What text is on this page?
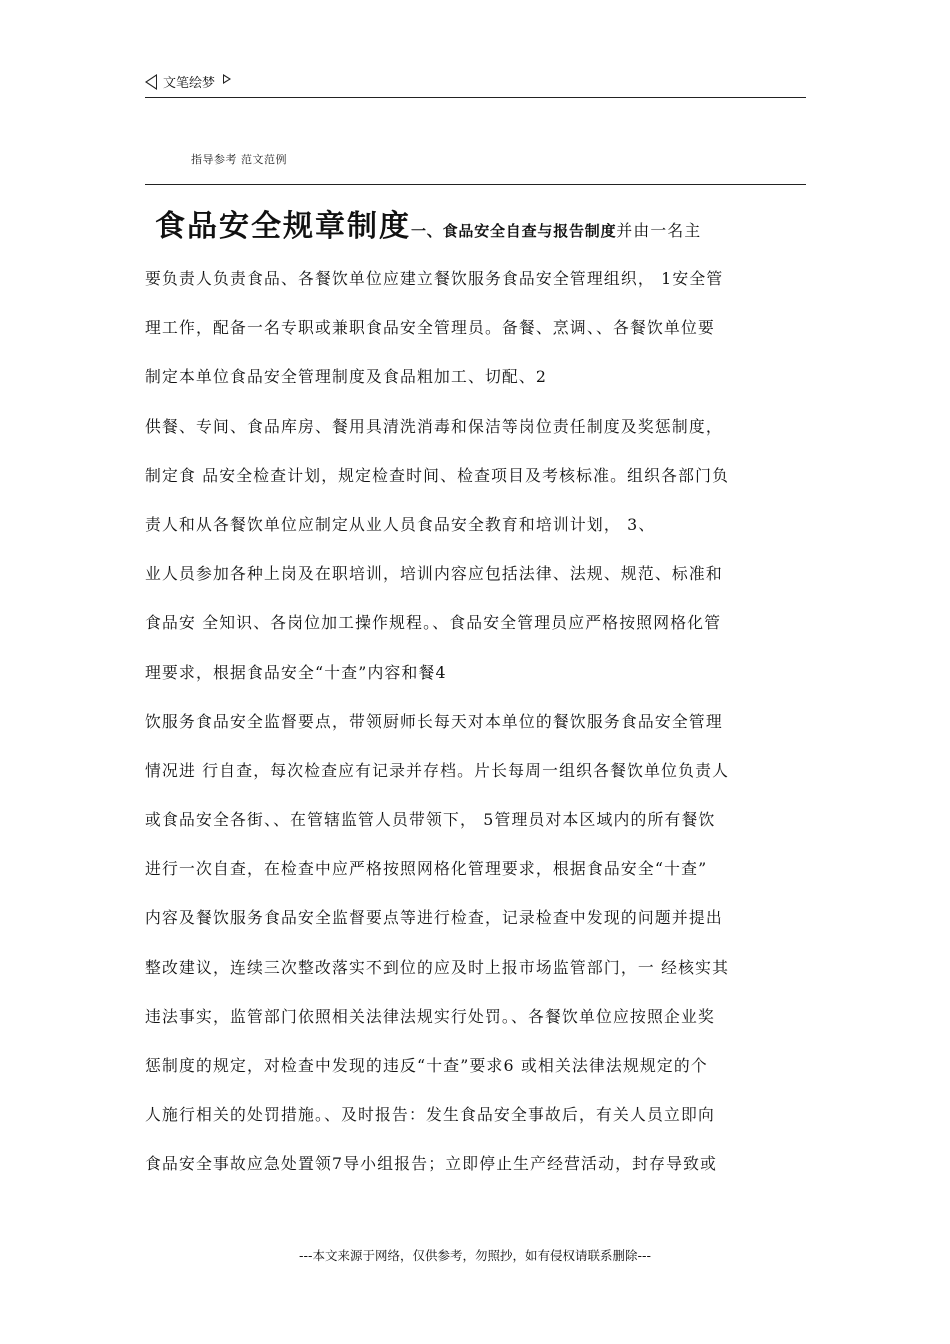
文笔绘梦
指导参考 范文范例
食品安全规章制度一、食品安全自查与报告制度并由一名主
要负责人负责食品、各餐饮单位应建立餐饮服务食品安全管理组织， 1安全管
理工作，配备一名专职或兼职食品安全管理员。备餐、烹调、、各餐饮单位要
制定本单位食品安全管理制度及食品粗加工、切配、2
供餐、专间、食品库房、餐用具清洗消毒和保洁等岗位责任制度及奖惩制度，
制定食 品安全检查计划，规定检查时间、检查项目及考核标准。组织各部门负
责人和从各餐饮单位应制定从业人员食品安全教育和培训计划， 3、
业人员参加各种上岗及在职培训，培训内容应包括法律、法规、规范、标准和
食品安 全知识、各岗位加工操作规程。、食品安全管理员应严格按照网格化管
理要求，根据食品安全“十查”内容和餐4
饮服务食品安全监督要点，带领厨师长每天对本单位的餐饮服务食品安全管理
情况进 行自查，每次检查应有记录并存档。片长每周一组织各餐饮单位负责人
或食品安全各街、、在管辖监管人员带领下， 5管理员对本区域内的所有餐饮
进行一次自查，在检查中应严格按照网格化管理要求，根据食品安全“十查”
内容及餐饮服务食品安全监督要点等进行检查，记录检查中发现的问题并提出
整改建议，连续三次整改落实不到位的应及时上报市场监管部门，一 经核实其
违法事实，监管部门依照相关法律法规实行处罚。、各餐饮单位应按照企业奖
惩制度的规定，对检查中发现的违反“十查”要求6 或相关法律法规规定的个
人施行相关的处罚措施。、及时报告：发生食品安全事故后，有关人员立即向
食品安全事故应急处置领7导小组报告；立即停止生产经营活动，封存导致或
---本文来源于网络，仅供参考，勿照抄，如有侵权请联系删除---
